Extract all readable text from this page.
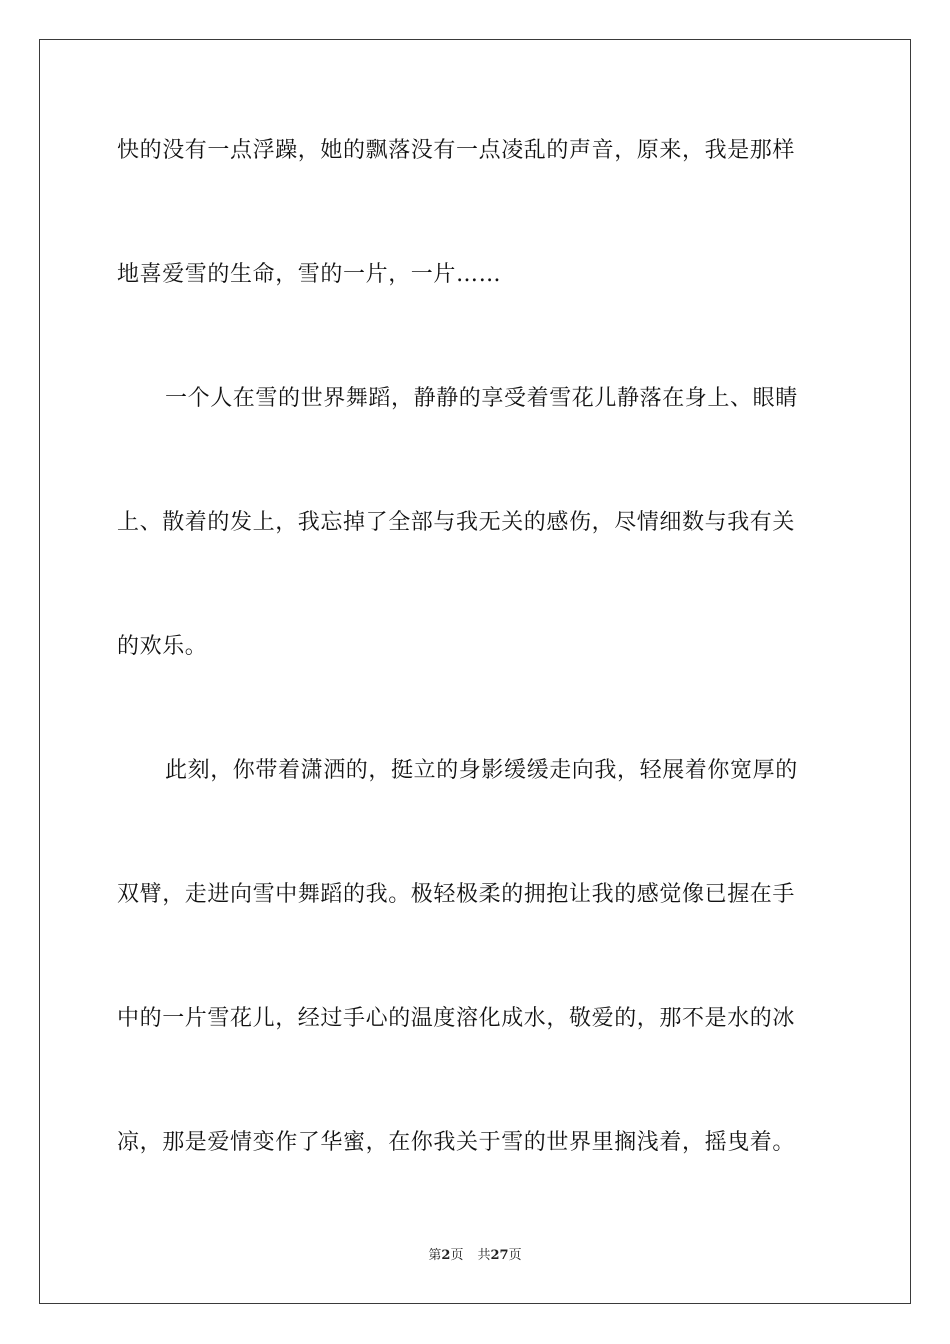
快的没有一点浮躁，她的飘落没有一点凌乱的声音，原来，我是那样
地喜爱雪的生命，雪的一片，一片……
一个人在雪的世界舞蹈，静静的享受着雪花儿静落在身上、眼睛
上、散着的发上，我忘掉了全部与我无关的感伤，尽情细数与我有关
的欢乐。
此刻，你带着潇洒的，挺立的身影缓缓走向我，轻展着你宽厚的
双臂，走进向雪中舞蹈的我。极轻极柔的拥抱让我的感觉像已握在手
中的一片雪花儿，经过手心的温度溶化成水，敬爱的，那不是水的冰
凉，那是爱情变作了华蜜，在你我关于雪的世界里搁浅着，摇曳着。
第2页 共27页
